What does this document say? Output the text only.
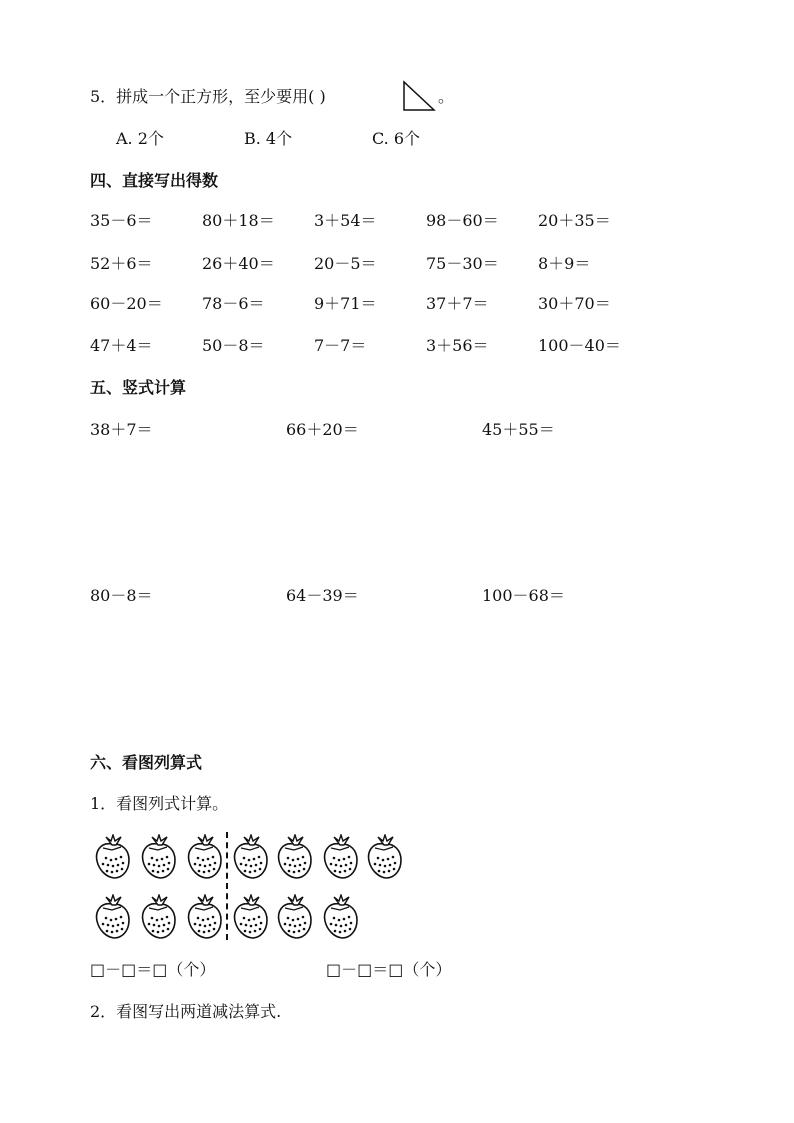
5．拼成一个正方形，至少要用( )	。
A. 2个	B. 4个	C. 6个
四、直接写出得数
35－6＝	80＋18＝ 3＋54＝	98－60＝ 20＋35＝
52＋6＝	26＋40＝ 20－5＝	75－30＝ 8＋9＝
60－20＝ 78－6＝	9＋71＝	37＋7＝	30＋70＝
47＋4＝	50－8＝	7－7＝	3＋56＝	100－40＝
五、竖式计算
38＋7＝	66＋20＝	45＋55＝
80－8＝	64－39＝	100－68＝
六、看图列算式
1．看图列式计算。
□－□＝□（个）	□－□＝□（个）
2．看图写出两道减法算式.
